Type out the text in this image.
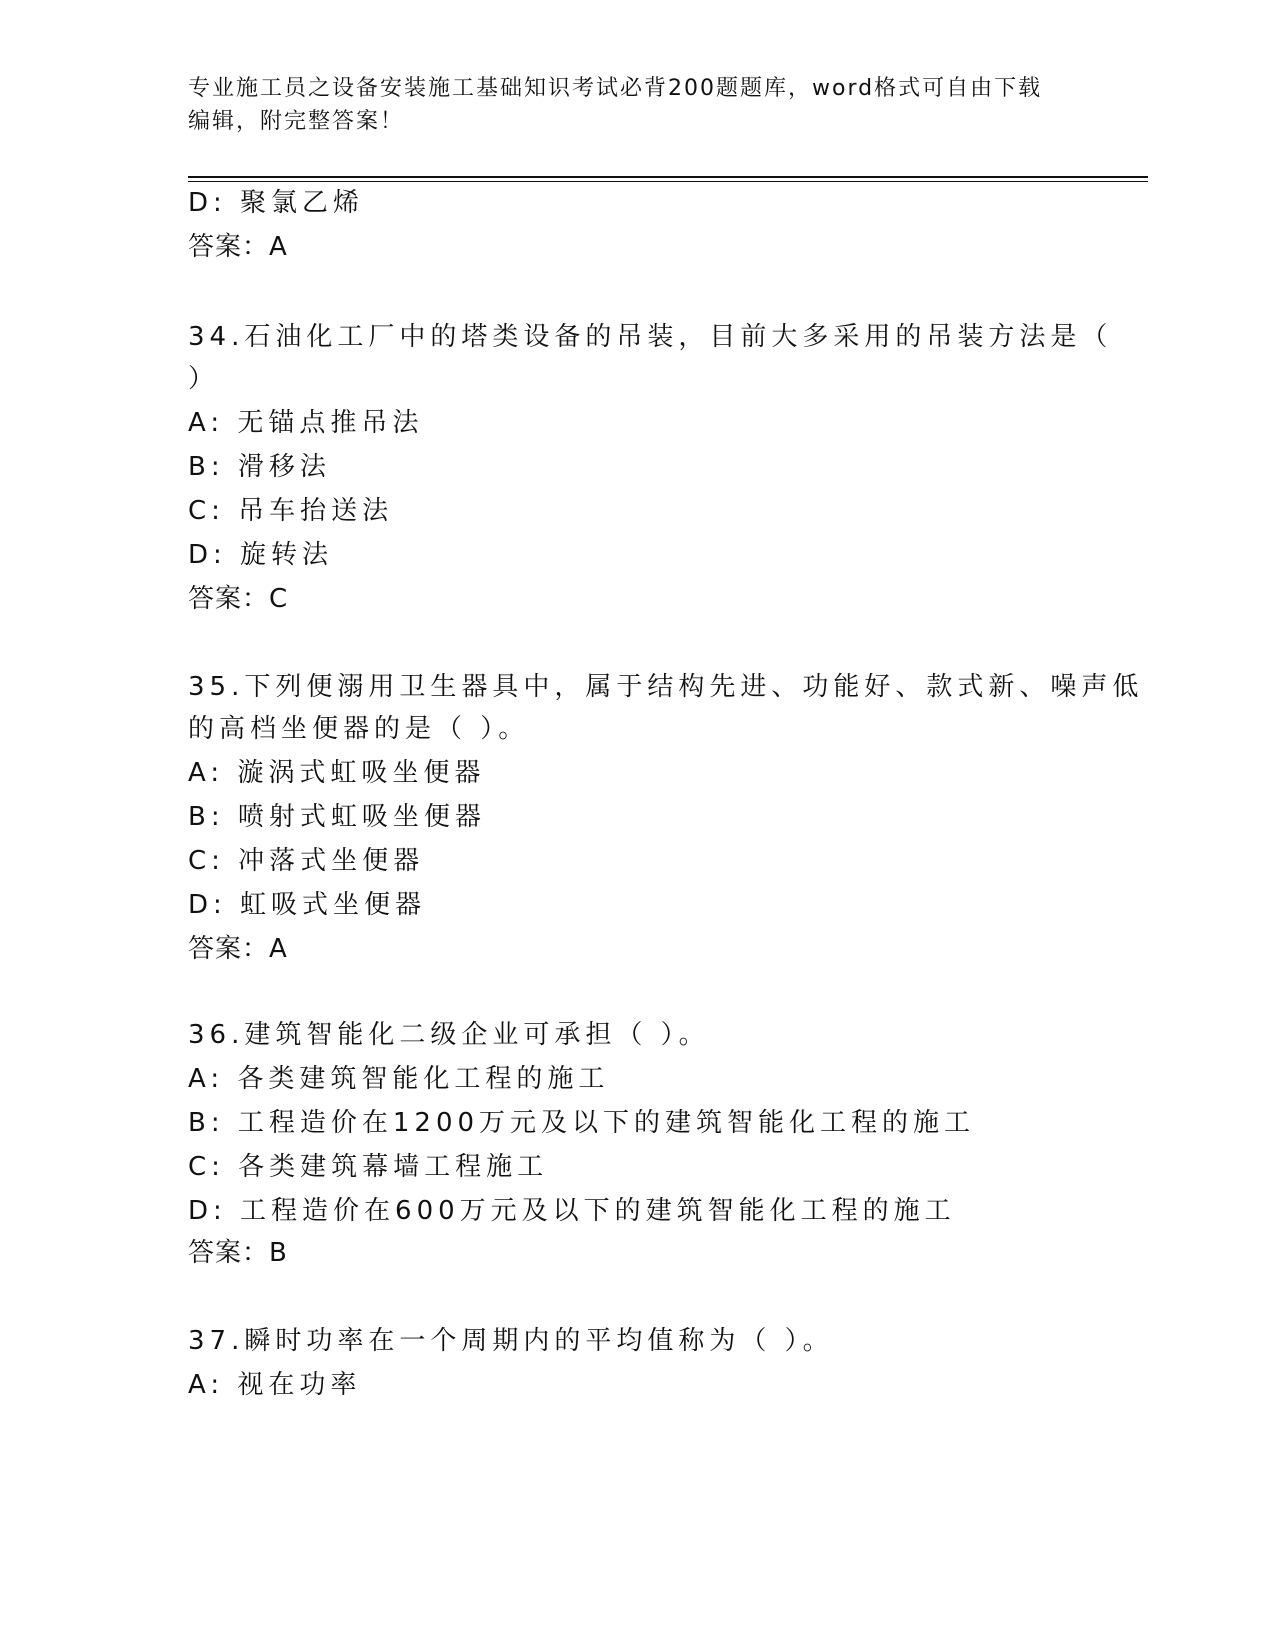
专业施工员之设备安装施工基础知识考试必背200题题库，word格式可自由下载
编辑，附完整答案！
D: 聚氯乙烯
答案：A
34.石油化工厂中的塔类设备的吊装，目前大多采用的吊装方法是（
）
A: 无锚点推吊法
B: 滑移法
C: 吊车抬送法
D: 旋转法
答案：C
35.下列便溺用卫生器具中，属于结构先进、功能好、款式新、噪声低
的高档坐便器的是（ ）。
A: 漩涡式虹吸坐便器
B: 喷射式虹吸坐便器
C: 冲落式坐便器
D: 虹吸式坐便器
答案：A
36.建筑智能化二级企业可承担（ ）。
A: 各类建筑智能化工程的施工
B: 工程造价在1200万元及以下的建筑智能化工程的施工
C: 各类建筑幕墙工程施工
D: 工程造价在600万元及以下的建筑智能化工程的施工
答案：B
37.瞬时功率在一个周期内的平均值称为（ ）。
A: 视在功率
